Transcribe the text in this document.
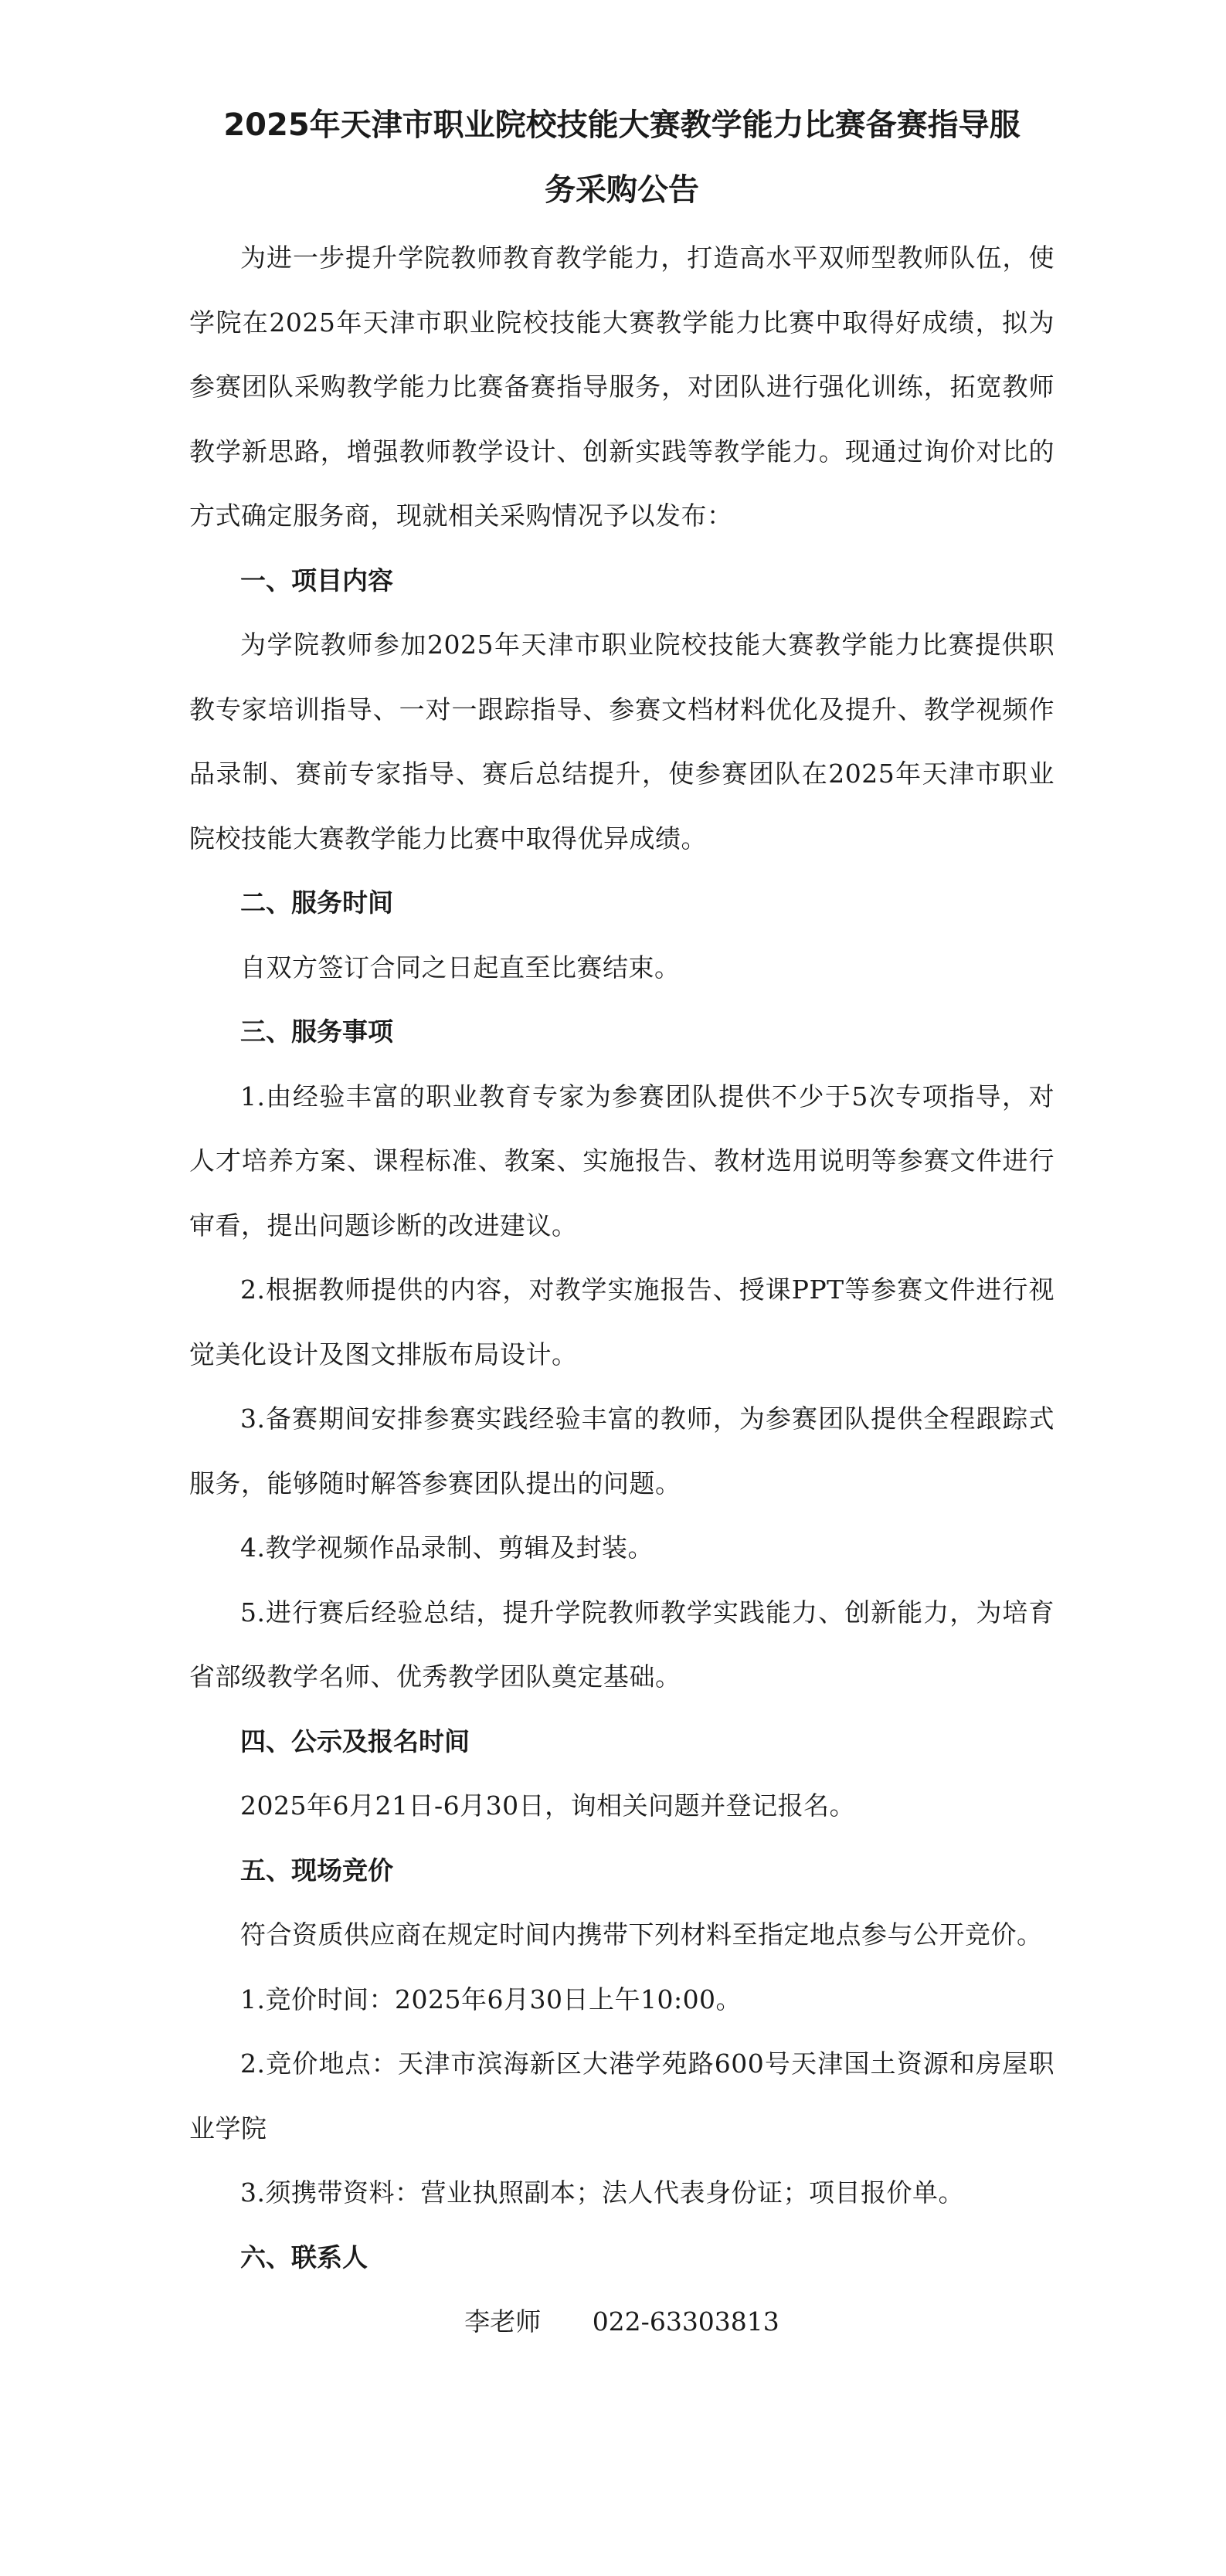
2025年天津市职业院校技能大赛教学能力比赛备赛指导服
务采购公告

为进一步提升学院教师教育教学能力，打造高水平双师型教师队伍，使学院在2025年天津市职业院校技能大赛教学能力比赛中取得好成绩，拟为参赛团队采购教学能力比赛备赛指导服务，对团队进行强化训练，拓宽教师教学新思路，增强教师教学设计、创新实践等教学能力。现通过询价对比的方式确定服务商，现就相关采购情况予以发布：

一、项目内容

为学院教师参加2025年天津市职业院校技能大赛教学能力比赛提供职教专家培训指导、一对一跟踪指导、参赛文档材料优化及提升、教学视频作品录制、赛前专家指导、赛后总结提升，使参赛团队在2025年天津市职业院校技能大赛教学能力比赛中取得优异成绩。

二、服务时间

自双方签订合同之日起直至比赛结束。

三、服务事项

1.由经验丰富的职业教育专家为参赛团队提供不少于5次专项指导，对人才培养方案、课程标准、教案、实施报告、教材选用说明等参赛文件进行审看，提出问题诊断的改进建议。

2.根据教师提供的内容，对教学实施报告、授课PPT等参赛文件进行视觉美化设计及图文排版布局设计。

3.备赛期间安排参赛实践经验丰富的教师，为参赛团队提供全程跟踪式服务，能够随时解答参赛团队提出的问题。

4.教学视频作品录制、剪辑及封装。

5.进行赛后经验总结，提升学院教师教学实践能力、创新能力，为培育省部级教学名师、优秀教学团队奠定基础。

四、公示及报名时间

2025年6月21日-6月30日，询相关问题并登记报名。

五、现场竞价

符合资质供应商在规定时间内携带下列材料至指定地点参与公开竞价。

1.竞价时间：2025年6月30日上午10:00。

2.竞价地点：天津市滨海新区大港学苑路600号天津国土资源和房屋职业学院

3.须携带资料：营业执照副本；法人代表身份证；项目报价单。

六、联系人

李老师 022-63303813
